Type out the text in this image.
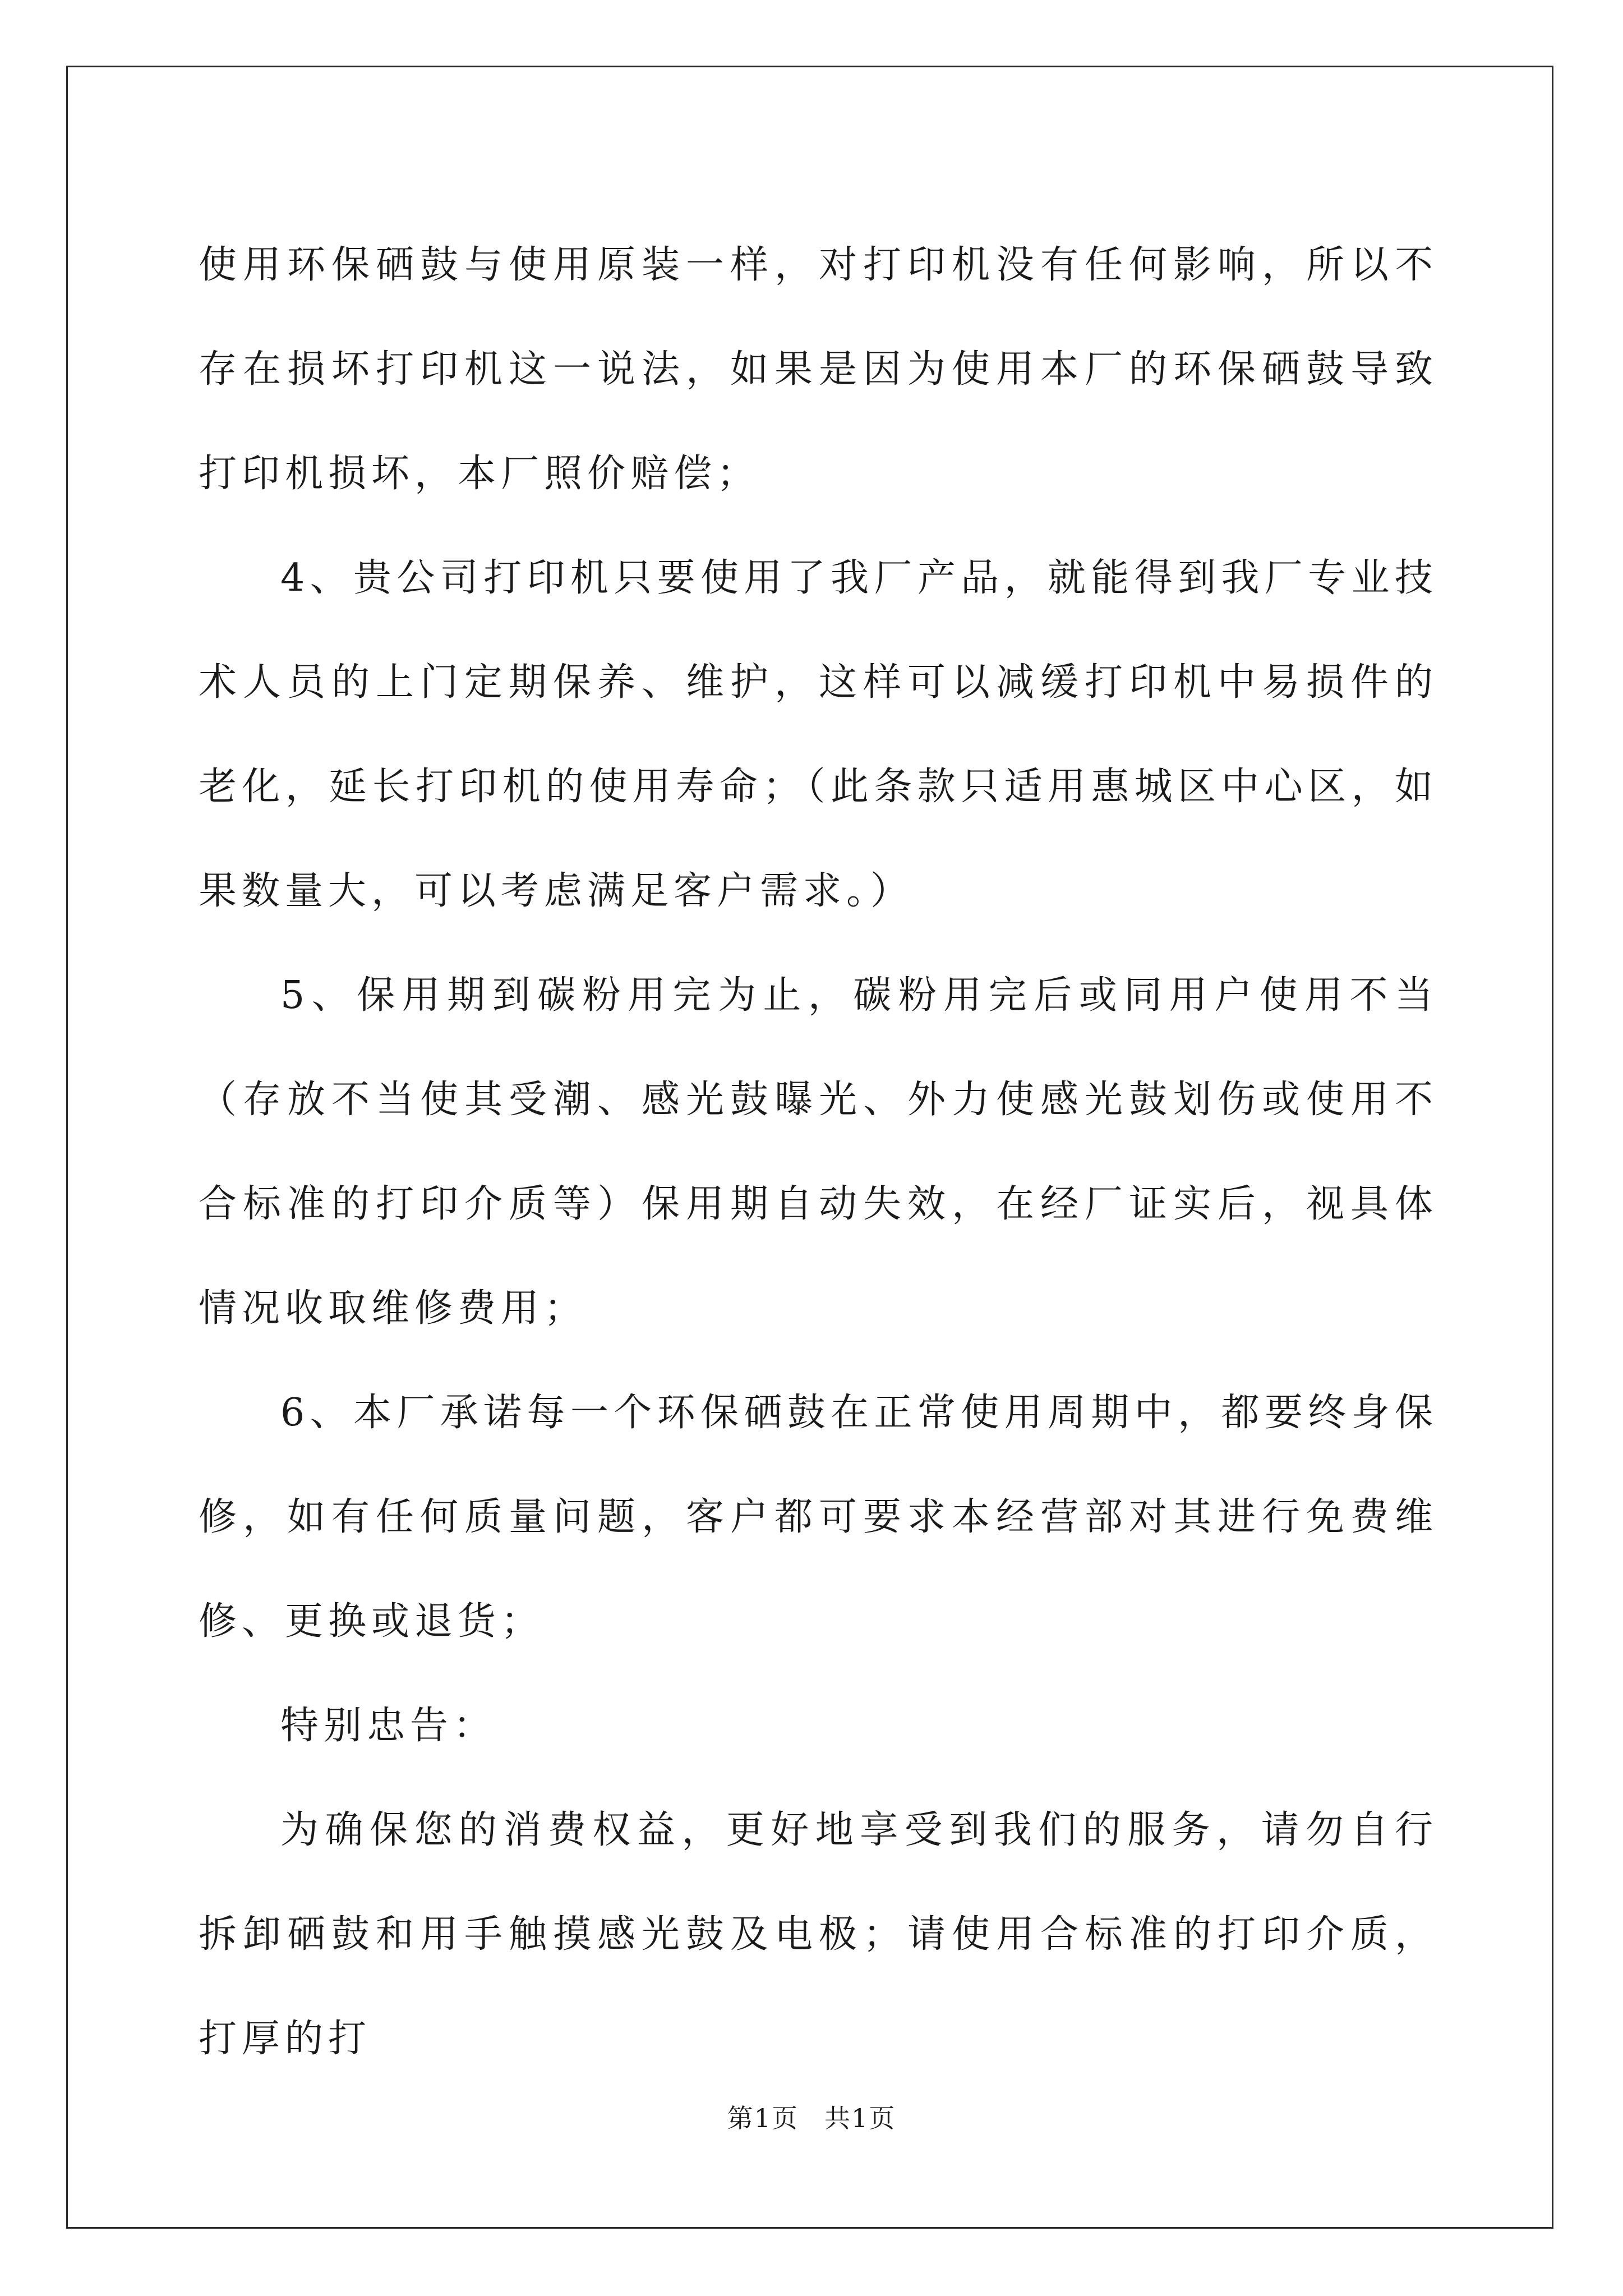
使用环保硒鼓与使用原装一样，对打印机没有任何影响，所以不存在损坏打印机这一说法，如果是因为使用本厂的环保硒鼓导致打印机损坏，本厂照价赔偿；

4、贵公司打印机只要使用了我厂产品，就能得到我厂专业技术人员的上门定期保养、维护，这样可以减缓打印机中易损件的老化，延长打印机的使用寿命；（此条款只适用惠城区中心区，如果数量大，可以考虑满足客户需求。）

5、保用期到碳粉用完为止，碳粉用完后或同用户使用不当（存放不当使其受潮、感光鼓曝光、外力使感光鼓划伤或使用不合标准的打印介质等）保用期自动失效，在经厂证实后，视具体情况收取维修费用；

6、本厂承诺每一个环保硒鼓在正常使用周期中，都要终身保修，如有任何质量问题，客户都可要求本经营部对其进行免费维修、更换或退货；

特别忠告：

为确保您的消费权益，更好地享受到我们的服务，请勿自行拆卸硒鼓和用手触摸感光鼓及电极；请使用合标准的打印介质，打厚的打

第1页 共1页
